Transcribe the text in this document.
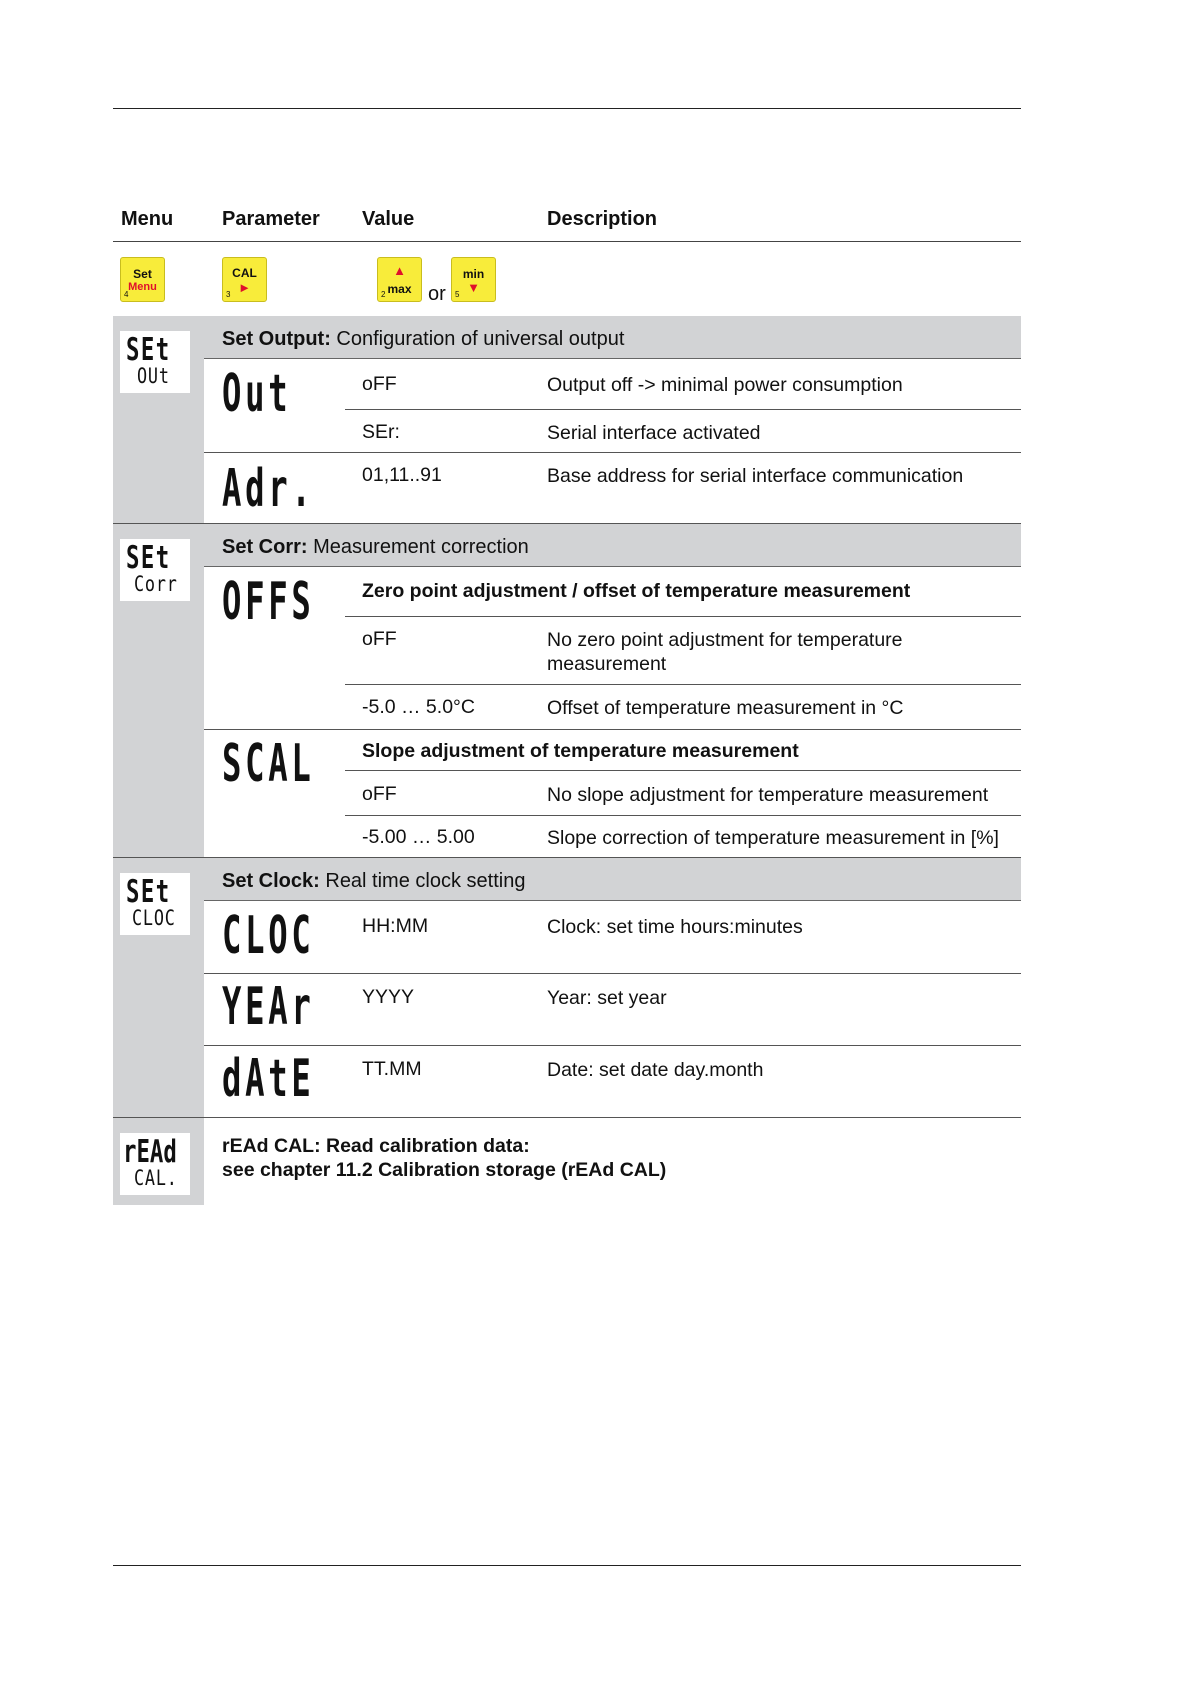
Menu Parameter Value	Description
Set
Menu
4
CAL
►
3
▲
max
2 or
min
▼
5
SEt
OUt
Set Output: Configuration of universal output
Out	oFF	Output off -> minimal power consumption
SEr:	Serial interface activated
Adr. 01,11..91	Base address for serial interface communication
SEt
Corr
Set Corr: Measurement correction
OFFS Zero point adjustment / offset of temperature measurement
oFF	No zero point adjustment for temperature measurement
-5.0 … 5.0°C	Offset of temperature measurement in °C
SCAL Slope adjustment of temperature measurement
oFF	No slope adjustment for temperature measurement
-5.00 … 5.00	Slope correction of temperature measurement in [%]
SEt
CLOC
Set Clock: Real time clock setting
CLOC HH:MM	Clock: set time hours:minutes
YEAr YYYY	Year: set year
dAtE TT.MM	Date: set date day.month
rEAd
CAL.
rEAd CAL: Read calibration data:
see chapter 11.2 Calibration storage (rEAd CAL)
